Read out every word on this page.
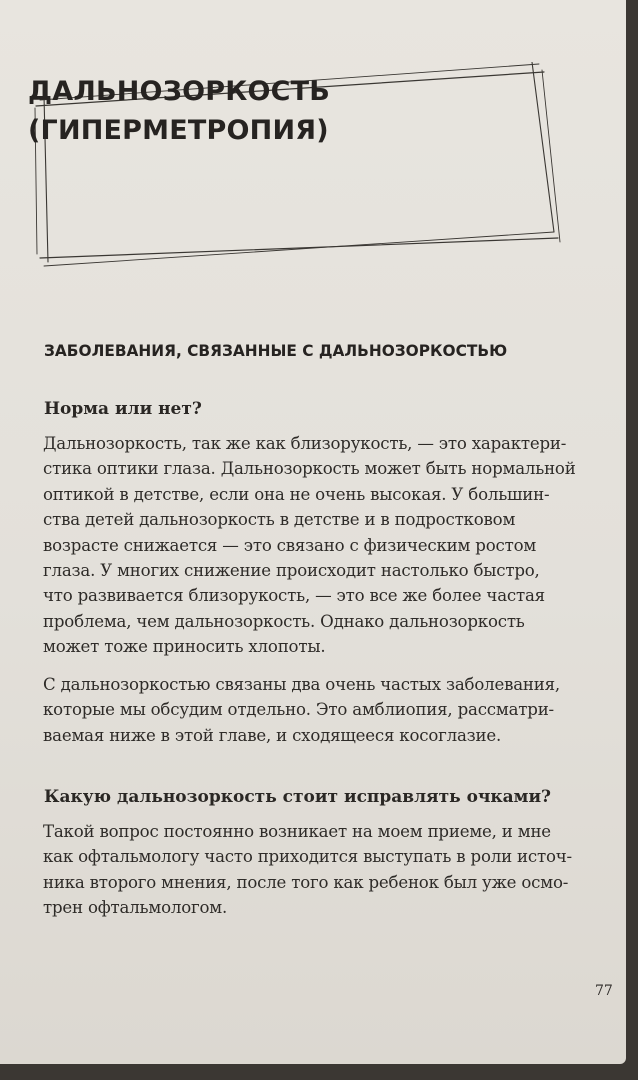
ДАЛЬНОЗОРКОСТЬ
(ГИПЕРМЕТРОПИЯ)
ЗАБОЛЕВАНИЯ, СВЯЗАННЫЕ С ДАЛЬНОЗОРКОСТЬЮ
Норма или нет?

Дальнозоркость, так же как близорукость, — это характери-
стика оптики глаза. Дальнозоркость может быть нормальной
оптикой в детстве, если она не очень высокая. У большин-
ства детей дальнозоркость в детстве и в подростковом
возрасте снижается — это связано с физическим ростом
глаза. У многих снижение происходит настолько быстро,
что развивается близорукость, — это все же более частая
проблема, чем дальнозоркость. Однако дальнозоркость
может тоже приносить хлопоты.

С дальнозоркостью связаны два очень частых заболевания,
которые мы обсудим отдельно. Это амблиопия, рассматри-
ваемая ниже в этой главе, и сходящееся косоглазие.

Какую дальнозоркость стоит исправлять очками?

Такой вопрос постоянно возникает на моем приеме, и мне
как офтальмологу часто приходится выступать в роли источ-
ника второго мнения, после того как ребенок был уже осмо-
трен офтальмологом.

77
